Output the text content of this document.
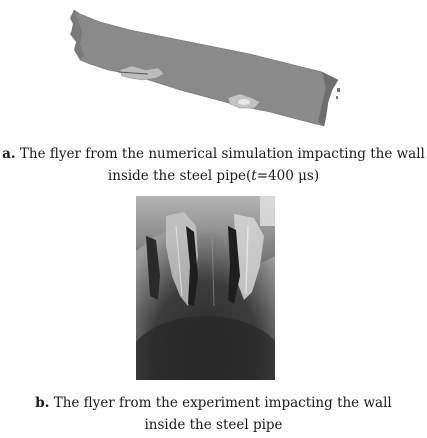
a. The flyer from the numerical simulation impacting the wall
inside the steel pipe(t=400 μs)
b. The flyer from the experiment impacting the wall
inside the steel pipe
